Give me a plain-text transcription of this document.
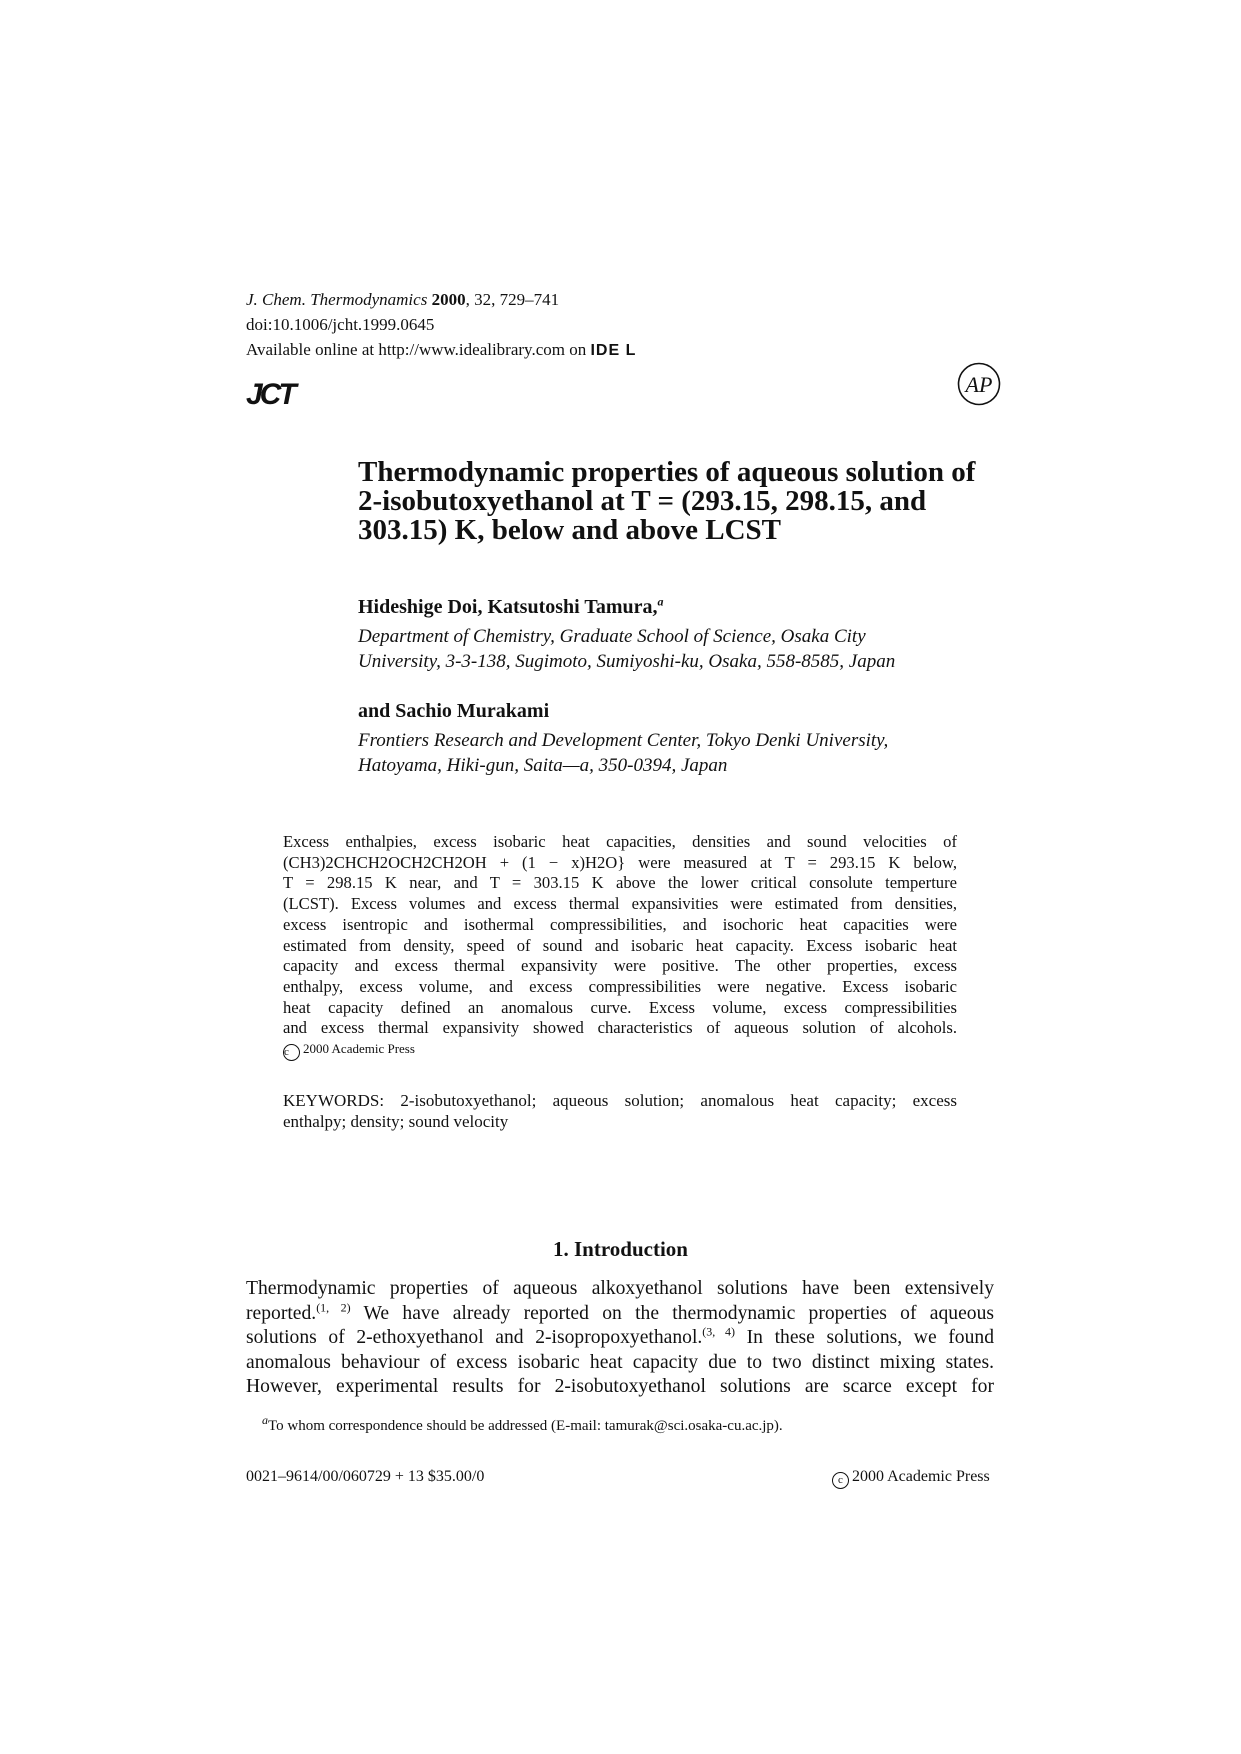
J. Chem. Thermodynamics 2000, 32, 729–741
doi:10.1006/jcht.1999.0645
Available online at http://www.idealibrary.com on IDE L
JCT	AP
Thermodynamic properties of aqueous solution of
2-isobutoxyethanol at T = (293.15, 298.15, and
303.15) K, below and above LCST
Hideshige Doi, Katsutoshi Tamura,$^a$
Department of Chemistry, Graduate School of Science, Osaka City
University, 3-3-138, Sugimoto, Sumiyoshi-ku, Osaka, 558-8585, Japan
and Sachio Murakami
Frontiers Research and Development Center, Tokyo Denki University,
Hatoyama, Hiki-gun, Saita—a, 350-0394, Japan
Excess enthalpies, excess isobaric heat capacities, densities and sound velocities of
(CH3)2CHCH2OCH2CH2OH + (1 − x)H2O} were measured at T = 293.15 K below,
T = 298.15 K near, and T = 303.15 K above the lower critical consolute temperture
(LCST). Excess volumes and excess thermal expansivities were estimated from densities,
excess isentropic and isothermal compressibilities, and isochoric heat capacities were
estimated from density, speed of sound and isobaric heat capacity. Excess isobaric heat
capacity and excess thermal expansivity were positive. The other properties, excess
enthalpy, excess volume, and excess compressibilities were negative. Excess isobaric
heat capacity defined an anomalous curve. Excess volume, excess compressibilities
and excess thermal expansivity showed characteristics of aqueous solution of alcohols.
c 2000 Academic Press
KEYWORDS: 2-isobutoxyethanol; aqueous solution; anomalous heat capacity; excess
enthalpy; density; sound velocity
1. Introduction
Thermodynamic properties of aqueous alkoxyethanol solutions have been extensively
reported.$^{(1, 2)}$ We have already reported on the thermodynamic properties of aqueous
solutions of 2-ethoxyethanol and 2-isopropoxyethanol.$^{(3, 4)}$ In these solutions, we found
anomalous behaviour of excess isobaric heat capacity due to two distinct mixing states.
However, experimental results for 2-isobutoxyethanol solutions are scarce except for
$^a$To whom correspondence should be addressed (E-mail: tamurak@sci.osaka-cu.ac.jp).
0021–9614/00/060729 + 13 $35.00/0	c 2000 Academic Press
